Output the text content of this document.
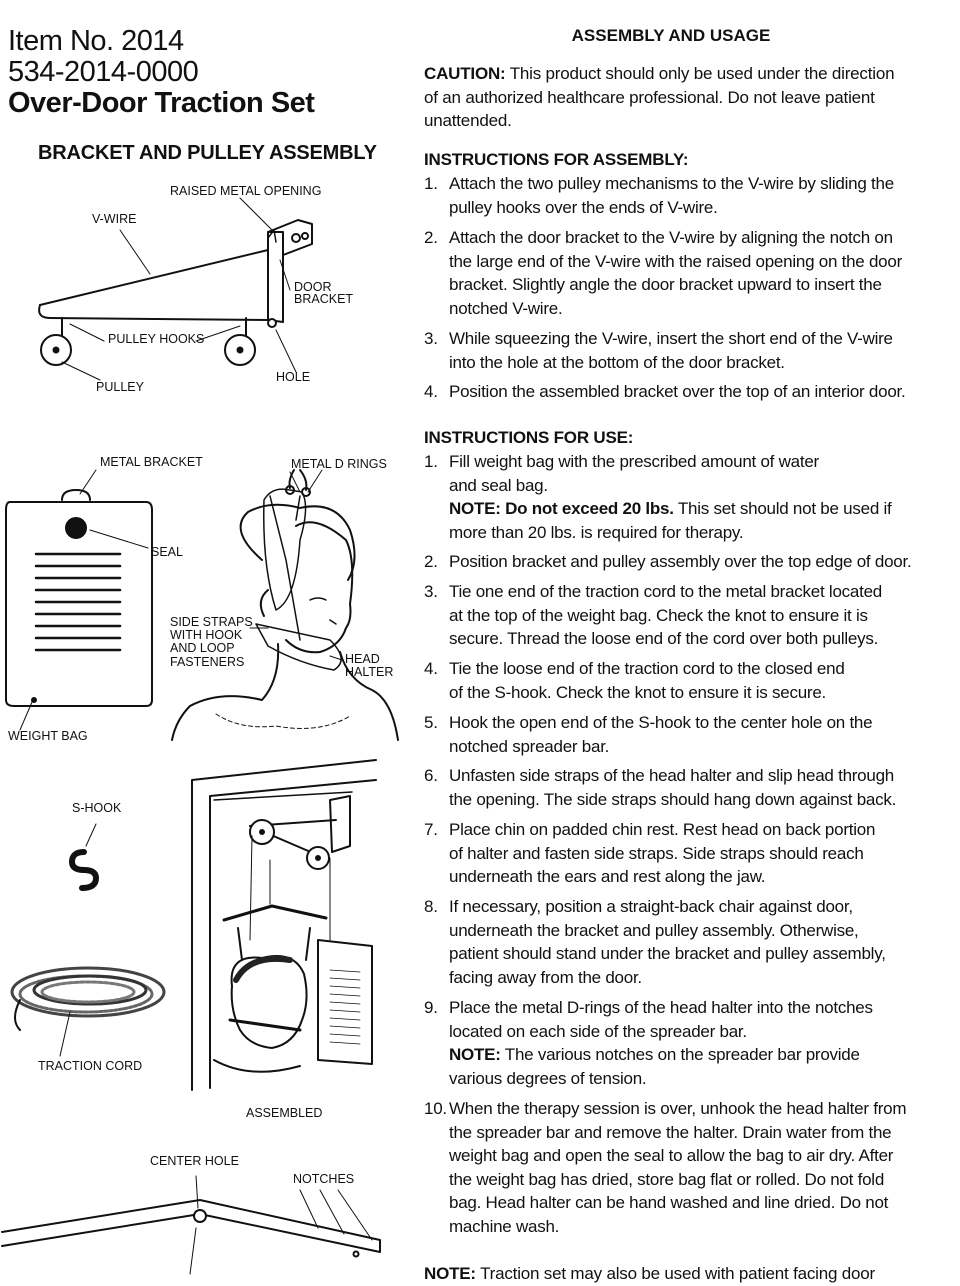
Item No. 2014
534-2014-0000
Over-Door Traction Set
BRACKET AND PULLEY ASSEMBLY
RAISED METAL OPENING
V-WIRE
DOOR
BRACKET
PULLEY HOOKS
PULLEY
HOLE
METAL BRACKET	METAL D RINGS
SEAL
SIDE STRAPS
WITH HOOK
AND LOOP
FASTENERS	HEAD
HALTER
WEIGHT BAG
S-HOOK
TRACTION CORD
ASSEMBLED
CENTER HOLE
NOTCHES
ASSEMBLY AND USAGE
CAUTION: This product should only be used under the direction
of an authorized healthcare professional. Do not leave patient
unattended.
INSTRUCTIONS FOR ASSEMBLY:
1. Attach the two pulley mechanisms to the V-wire by sliding the
pulley hooks over the ends of V-wire.
2. Attach the door bracket to the V-wire by aligning the notch on
the large end of the V-wire with the raised opening on the door
bracket. Slightly angle the door bracket upward to insert the
notched V-wire.
3. While squeezing the V-wire, insert the short end of the V-wire
into the hole at the bottom of the door bracket.
4. Position the assembled bracket over the top of an interior door.
INSTRUCTIONS FOR USE:
1. Fill weight bag with the prescribed amount of water
and seal bag.
NOTE: Do not exceed 20 lbs. This set should not be used if
more than 20 lbs. is required for therapy.
2. Position bracket and pulley assembly over the top edge of door.
3. Tie one end of the traction cord to the metal bracket located
at the top of the weight bag. Check the knot to ensure it is
secure. Thread the loose end of the cord over both pulleys.
4. Tie the loose end of the traction cord to the closed end
of the S-hook. Check the knot to ensure it is secure.
5. Hook the open end of the S-hook to the center hole on the
notched spreader bar.
6. Unfasten side straps of the head halter and slip head through
the opening. The side straps should hang down against back.
7. Place chin on padded chin rest. Rest head on back portion
of halter and fasten side straps. Side straps should reach
underneath the ears and rest along the jaw.
8. If necessary, position a straight-back chair against door,
underneath the bracket and pulley assembly. Otherwise,
patient should stand under the bracket and pulley assembly,
facing away from the door.
9. Place the metal D-rings of the head halter into the notches
located on each side of the spreader bar.
NOTE: The various notches on the spreader bar provide
various degrees of tension.
10. When the therapy session is over, unhook the head halter from
the spreader bar and remove the halter. Drain water from the
weight bag and open the seal to allow the bag to air dry. After
the weight bag has dried, store bag flat or rolled. Do not fold
bag. Head halter can be hand washed and line dried. Do not
machine wash.
NOTE: Traction set may also be used with patient facing door
